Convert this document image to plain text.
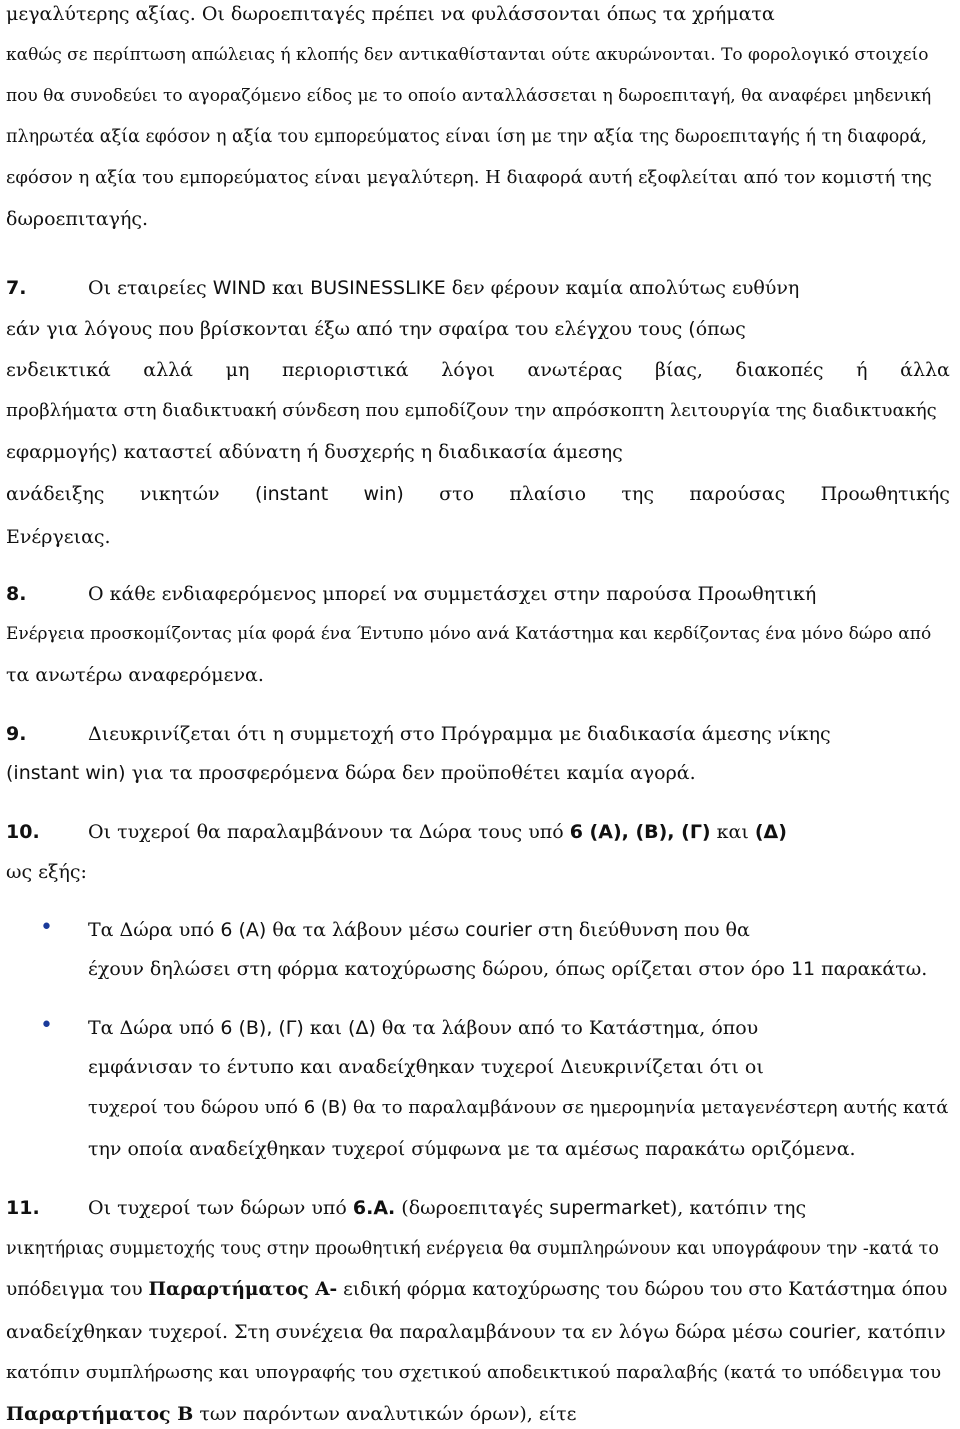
μεγαλύτερης αξίας. Οι δωροεπιταγές πρέπει να φυλάσσονται όπως τα χρήματα
καθώς σε περίπτωση απώλειας ή κλοπής δεν αντικαθίστανται ούτε ακυρώνονται. Το φορολογικό στοιχείο
που θα συνοδεύει το αγοραζόμενο είδος με το οποίο ανταλλάσσεται η δωροεπιταγή, θα αναφέρει μηδενική
πληρωτέα αξία εφόσον η αξία του εμπορεύματος είναι ίση με την αξία της δωροεπιταγής ή τη διαφορά,
εφόσον η αξία του εμπορεύματος είναι μεγαλύτερη. Η διαφορά αυτή εξοφλείται από τον κομιστή της
δωροεπιταγής.
7.	Οι εταιρείες WIND και BUSINESSLIKE δεν φέρουν καμία απολύτως ευθύνη
εάν για λόγους που βρίσκονται έξω από την σφαίρα του ελέγχου τους (όπως
ενδεικτικά αλλά μη περιοριστικά λόγοι ανωτέρας βίας, διακοπές ή άλλα
προβλήματα στη διαδικτυακή σύνδεση που εμποδίζουν την απρόσκοπτη λειτουργία της διαδικτυακής
εφαρμογής) καταστεί αδύνατη ή δυσχερής η διαδικασία άμεσης
ανάδειξης νικητών (instant win) στο πλαίσιο της παρούσας Προωθητικής
Ενέργειας.
8.	Ο κάθε ενδιαφερόμενος μπορεί να συμμετάσχει στην παρούσα Προωθητική
Ενέργεια προσκομίζοντας μία φορά ένα Έντυπο μόνο ανά Κατάστημα και κερδίζοντας ένα μόνο δώρο από
τα ανωτέρω αναφερόμενα.
9.	Διευκρινίζεται ότι η συμμετοχή στο Πρόγραμμα με διαδικασία άμεσης νίκης
(instant win) για τα προσφερόμενα δώρα δεν προϋποθέτει καμία αγορά.
10.	Οι τυχεροί θα παραλαμβάνουν τα Δώρα τους υπό 6 (Α), (Β), (Γ) και (Δ)
ως εξής:
• Τα Δώρα υπό 6 (Α) θα τα λάβουν μέσω courier στη διεύθυνση που θα
έχουν δηλώσει στη φόρμα κατοχύρωσης δώρου, όπως ορίζεται στον όρο 11 παρακάτω.
• Τα Δώρα υπό 6 (Β), (Γ) και (Δ) θα τα λάβουν από το Κατάστημα, όπου
εμφάνισαν το έντυπο και αναδείχθηκαν τυχεροί Διευκρινίζεται ότι οι
τυχεροί του δώρου υπό 6 (Β) θα το παραλαμβάνουν σε ημερομηνία μεταγενέστερη αυτής κατά
την οποία αναδείχθηκαν τυχεροί σύμφωνα με τα αμέσως παρακάτω οριζόμενα.
11.	Οι τυχεροί των δώρων υπό 6.Α. (δωροεπιταγές supermarket), κατόπιν της
νικητήριας συμμετοχής τους στην προωθητική ενέργεια θα συμπληρώνουν και υπογράφουν την -κατά το
υπόδειγμα του Παραρτήματος Α- ειδική φόρμα κατοχύρωσης του δώρου του στο Κατάστημα όπου
αναδείχθηκαν τυχεροί. Στη συνέχεια θα παραλαμβάνουν τα εν λόγω δώρα μέσω courier, κατόπιν
κατόπιν συμπλήρωσης και υπογραφής του σχετικού αποδεικτικού παραλαβής (κατά το υπόδειγμα του
Παραρτήματος Β των παρόντων αναλυτικών όρων), είτε
